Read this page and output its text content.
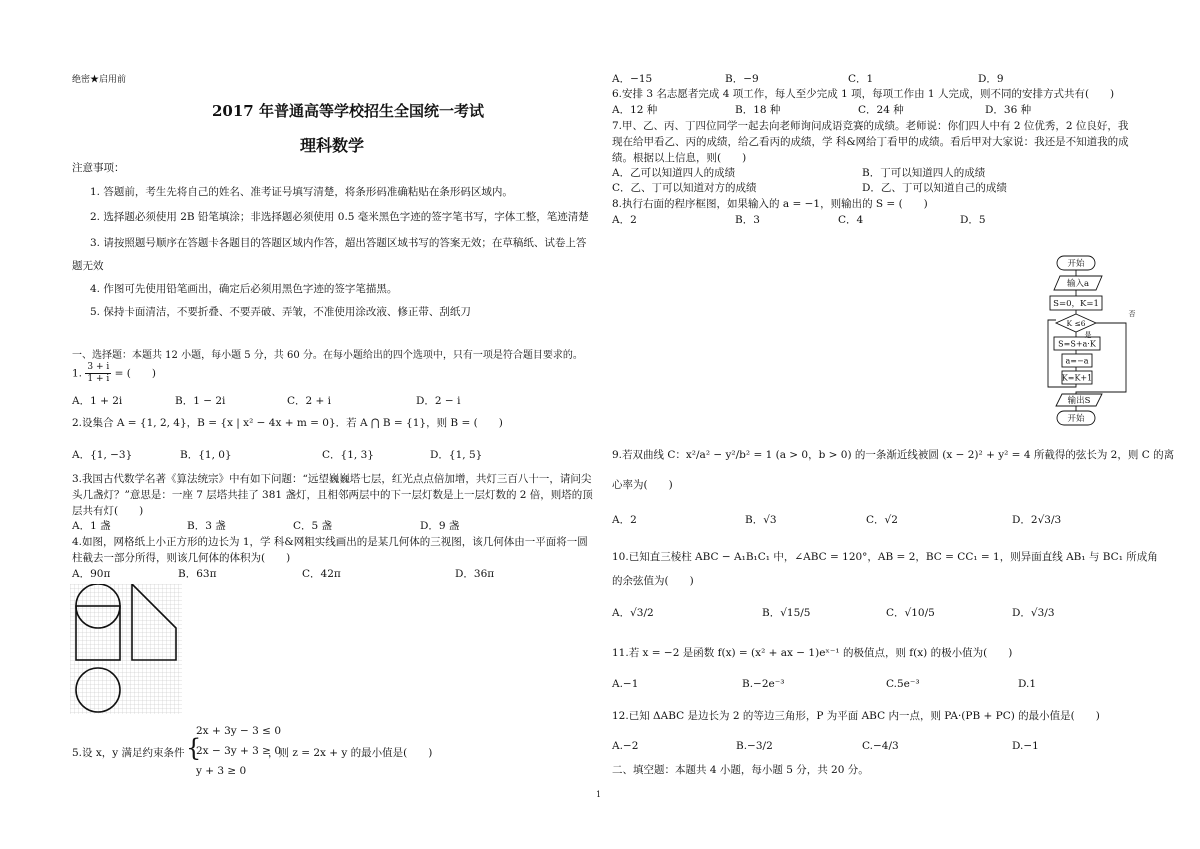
绝密★启用前
2017 年普通高等学校招生全国统一考试
理科数学
注意事项：
1. 答题前，考生先将自己的姓名、准考证号填写清楚，将条形码准确粘贴在条形码区域内。
2. 选择题必须使用 2B 铅笔填涂；非选择题必须使用 0.5 毫米黑色字迹的签字笔书写，字体工整，笔迹清楚
3. 请按照题号顺序在答题卡各题目的答题区域内作答，超出答题区域书写的答案无效；在草稿纸、试卷上答
题无效
4. 作图可先使用铅笔画出，确定后必须用黑色字迹的签字笔描黑。
5. 保持卡面清洁，不要折叠、不要弄破、弄皱，不准使用涂改液、修正带、刮纸刀
一、选择题：本题共 12 小题，每小题 5 分，共 60 分。在每小题给出的四个选项中，只有一项是符合题目要求的。
1. $\frac{3 + i}{1 + i}$ = (　　)
A．1 + 2i	B．1 − 2i	C．2 + i	D．2 − i
2.设集合 A = {1, 2, 4}，B = {x | x² − 4x + m = 0}．若 A ⋂ B = {1}，则 B = (　　)
A．{1, −3}	B．{1, 0}	C．{1, 3}	D．{1, 5}
3.我国古代数学名著《算法统宗》中有如下问题：“远望巍巍塔七层，红光点点倍加增，共灯三百八十一，请问尖
头几盏灯？”意思是：一座 7 层塔共挂了 381 盏灯，且相邻两层中的下一层灯数是上一层灯数的 2 倍，则塔的顶
层共有灯(　　)
A．1 盏	B．3 盏	C．5 盏	D．9 盏
4.如图，网格纸上小正方形的边长为 1，学 科&网粗实线画出的是某几何体的三视图，该几何体由一平面将一圆
柱截去一部分所得，则该几何体的体积为(　　)
A．90π	B．63π	C．42π	D．36π
5.设 x，y 满足约束条件 {
2x + 3y − 3 ≤ 0
2x − 3y + 3 ≥ 0
y + 3 ≥ 0
，则 z = 2x + y 的最小值是(　　)
A．−15	B．−9	C．1	D．9
6.安排 3 名志愿者完成 4 项工作，每人至少完成 1 项，每项工作由 1 人完成，则不同的安排方式共有(　　)
A．12 种	B．18 种	C．24 种	D．36 种
7.甲、乙、丙、丁四位同学一起去向老师询问成语竞赛的成绩。老师说：你们四人中有 2 位优秀，2 位良好，我
现在给甲看乙、丙的成绩，给乙看丙的成绩，学 科&网给丁看甲的成绩。看后甲对大家说：我还是不知道我的成
绩。根据以上信息，则(　　)
A．乙可以知道四人的成绩	B．丁可以知道四人的成绩
C．乙、丁可以知道对方的成绩	D．乙、丁可以知道自己的成绩
8.执行右面的程序框图，如果输入的 a = −1，则输出的 S = (　　)
A．2	B．3	C．4	D．5
开始
输入a
S=0，K=1
K ≤6
是
否
S=S+a·K
a=−a
K=K+1
输出S
开始
9.若双曲线 C：x²/a² − y²/b² = 1 (a > 0，b > 0) 的一条渐近线被圆 (x − 2)² + y² = 4 所截得的弦长为 2，则 C 的离
心率为(　　)
A．2	B．√3	C．√2	D．2√3/3
10.已知直三棱柱 ABC − A₁B₁C₁ 中，∠ABC = 120°，AB = 2，BC = CC₁ = 1，则异面直线 AB₁ 与 BC₁ 所成角
的余弦值为(　　)
A．√3/2	B．√15/5	C．√10/5	D．√3/3
11.若 x = −2 是函数 f(x) = (x² + ax − 1)eˣ⁻¹ 的极值点，则 f(x) 的极小值为(　　)
A.−1	B.−2e⁻³	C.5e⁻³	D.1
12.已知 ΔABC 是边长为 2 的等边三角形，P 为平面 ABC 内一点，则 PA·(PB + PC) 的最小值是(　　)
A.−2	B.−3/2	C.−4/3	D.−1
二、填空题：本题共 4 小题，每小题 5 分，共 20 分。
1
